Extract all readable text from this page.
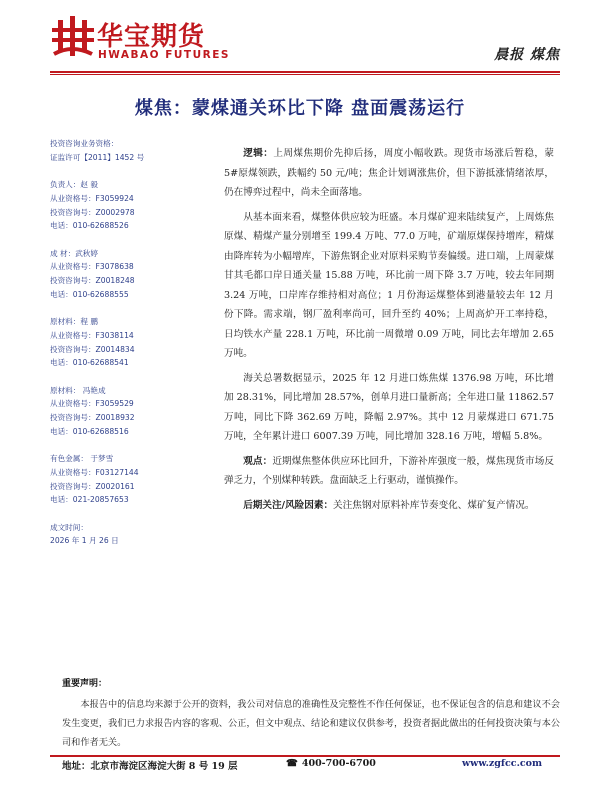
华宝期货
HWABAO FUTURES	晨报 煤焦
煤焦：蒙煤通关环比下降 盘面震荡运行
投资咨询业务资格：
证监许可【2011】1452 号
负责人：赵 毅
从业资格号：F3059924
投资咨询号：Z0002978
电话：010-62688526
成 材：武秋婷
从业资格号：F3078638
投资咨询号：Z0018248
电话：010-62688555
原材料：程 鹏
从业资格号：F3038114
投资咨询号：Z0014834
电话：010-62688541
原材料： 冯艳成
从业资格号：F3059529
投资咨询号：Z0018932
电话：010-62688516
有色金属： 于梦雪
从业资格号：F03127144
投资咨询号：Z0020161
电话：021-20857653
成文时间：
2026 年 1 月 26 日

逻辑：上周煤焦期价先抑后扬，周度小幅收跌。现货市场涨后暂稳，蒙 5#原煤领跌，跌幅约 50 元/吨；焦企计划调涨焦价，但下游抵涨情绪浓厚，仍在博弈过程中，尚未全面落地。

从基本面来看，煤整体供应较为旺盛。本月煤矿迎来陆续复产，上周炼焦原煤、精煤产量分别增至 199.4 万吨、77.0 万吨，矿端原煤保持增库，精煤由降库转为小幅增库，下游焦钢企业对原料采购节奏偏缓。进口端，上周蒙煤甘其毛都口岸日通关量 15.88 万吨，环比前一周下降 3.7 万吨，较去年同期 3.24 万吨，口岸库存维持相对高位；1 月份海运煤整体到港量较去年 12 月份下降。需求端，钢厂盈利率尚可，回升至约 40%；上周高炉开工率持稳，日均铁水产量 228.1 万吨，环比前一周微增 0.09 万吨，同比去年增加 2.65 万吨。

海关总署数据显示，2025 年 12 月进口炼焦煤 1376.98 万吨，环比增加 28.31%，同比增加 28.57%，创单月进口量新高；全年进口量 11862.57 万吨，同比下降 362.69 万吨，降幅 2.97%。其中 12 月蒙煤进口 671.75 万吨，全年累计进口 6007.39 万吨，同比增加 328.16 万吨，增幅 5.8%。

观点：近期煤焦整体供应环比回升，下游补库强度一般，煤焦现货市场反弹乏力，个别煤种转跌。盘面缺乏上行驱动，谨慎操作。

后期关注/风险因素：关注焦钢对原料补库节奏变化、煤矿复产情况。

重要声明：
本报告中的信息均来源于公开的资料，我公司对信息的准确性及完整性不作任何保证，也不保证包含的信息和建议不会发生变更，我们已力求报告内容的客观、公正，但文中观点、结论和建议仅供参考，投资者据此做出的任何投资决策与本公司和作者无关。
地址：北京市海淀区海淀大街 8 号 19 层	☎ 400-700-6700	www.zgfcc.com
